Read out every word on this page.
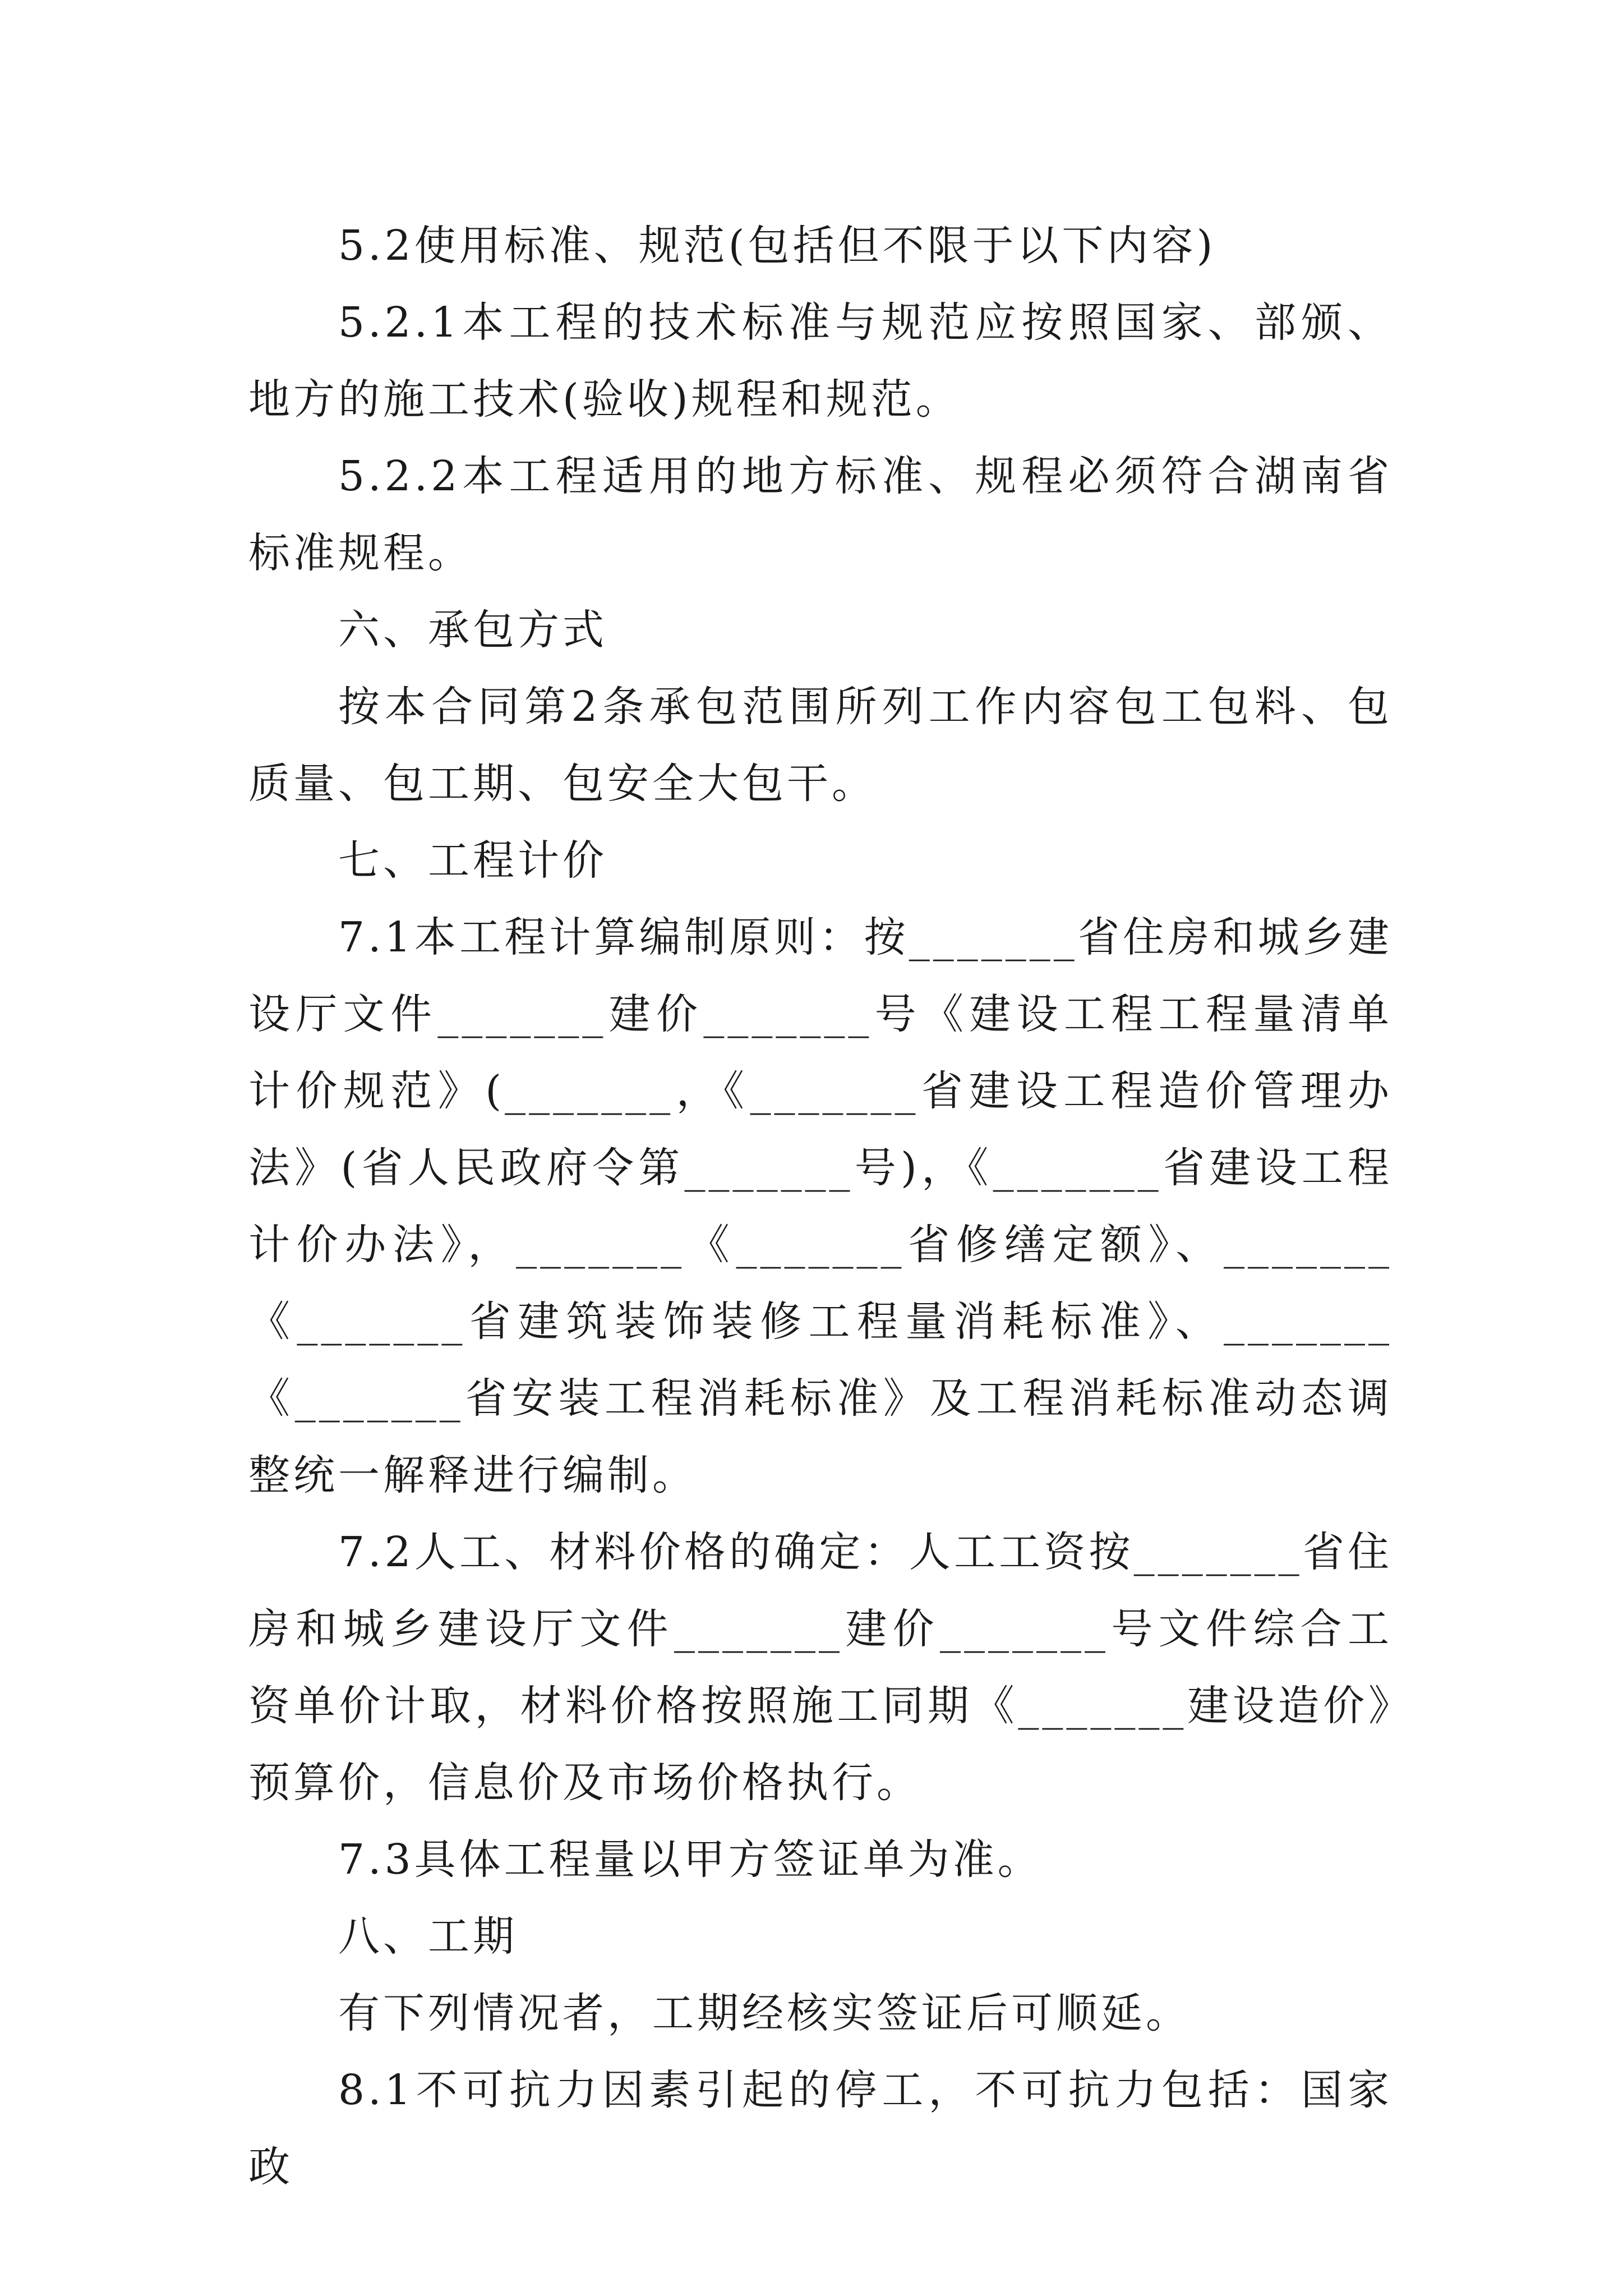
5.2使用标准、规范(包括但不限于以下内容)

5.2.1本工程的技术标准与规范应按照国家、部颁、地方的施工技术(验收)规程和规范。

5.2.2本工程适用的地方标准、规程必须符合湖南省标准规程。

六、承包方式

按本合同第2条承包范围所列工作内容包工包料、包质量、包工期、包安全大包干。

七、工程计价

7.1本工程计算编制原则：按_______省住房和城乡建设厅文件_______建价_______号《建设工程工程量清单计价规范》(_______，《_______省建设工程造价管理办法》(省人民政府令第_______号)，《_______省建设工程计价办法》，_______《_______省修缮定额》、_______《_______省建筑装饰装修工程量消耗标准》、_______《_______省安装工程消耗标准》及工程消耗标准动态调整统一解释进行编制。

7.2人工、材料价格的确定：人工工资按_______省住房和城乡建设厅文件_______建价_______号文件综合工资单价计取，材料价格按照施工同期《_______建设造价》预算价，信息价及市场价格执行。

7.3具体工程量以甲方签证单为准。

八、工期

有下列情况者，工期经核实签证后可顺延。

8.1不可抗力因素引起的停工，不可抗力包括：国家政
